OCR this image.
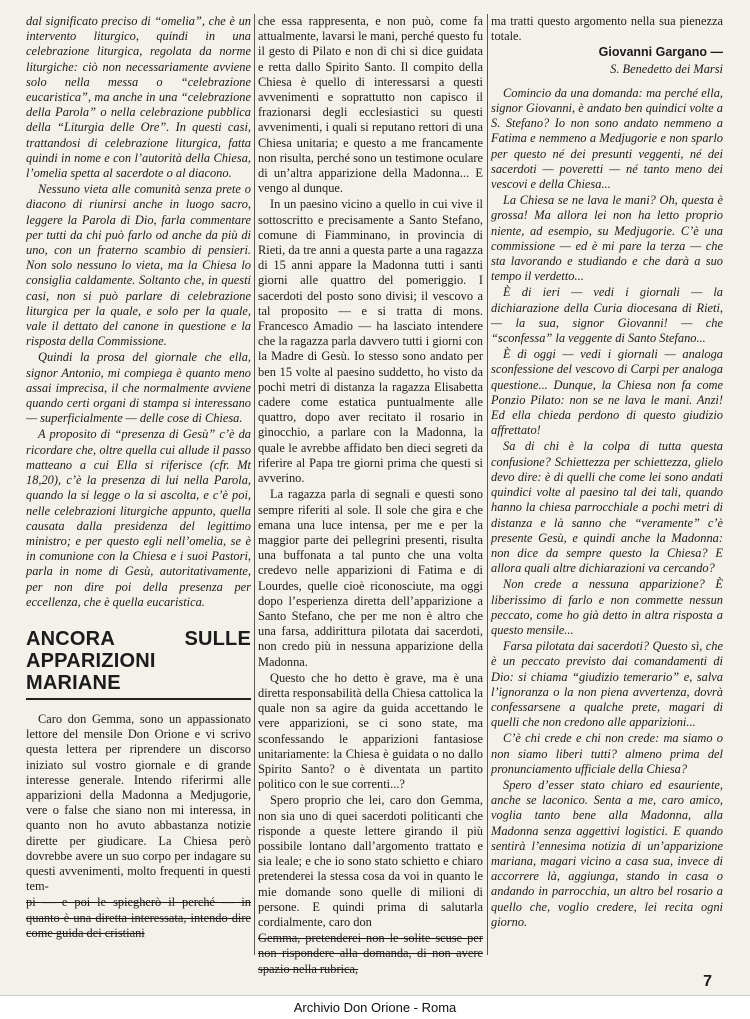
dal significato preciso di “omelia”, che è un intervento liturgico, quindi in una celebrazione liturgica, regolata da norme liturgiche: ciò non necessariamente avviene solo nella messa o “celebrazione eucaristica”, ma anche in una “celebrazione della Parola” o nella celebrazione pubblica della “Liturgia delle Ore”. In questi casi, trattandosi di celebrazione liturgica, fatta quindi in nome e con l’autorità della Chiesa, l’omelia spetta al sacerdote o al diacono.

Nessuno vieta alle comunità senza prete o diacono di riunirsi anche in luogo sacro, leggere la Parola di Dio, farla commentare per tutti da chi può farlo od anche da più di uno, con un fraterno scambio di pensieri. Non solo nessuno lo vieta, ma la Chiesa lo consiglia caldamente. Soltanto che, in questi casi, non si può parlare di celebrazione liturgica per la quale, e solo per la quale, vale il dettato del canone in questione e la risposta della Commissione.

Quindi la prosa del giornale che ella, signor Antonio, mi compiega è quanto meno assai imprecisa, il che normalmente avviene quando certi organi di stampa si interessano — superficialmente — delle cose di Chiesa.

A proposito di “presenza di Gesù” c’è da ricordare che, oltre quella cui allude il passo matteano a cui Ella si riferisce (cfr. Mt 18,20), c’è la presenza di lui nella Parola, quando la si legge o la si ascolta, e c’è poi, nelle celebrazioni liturgiche appunto, quella causata dalla presidenza del legittimo ministro; e per questo egli nell’omelia, se è in comunione con la Chiesa e i suoi Pastori, parla in nome di Gesù, autoritativamente, per non dire poi della presenza per eccellenza, che è quella eucaristica.

ANCORA SULLE APPARIZIONI MARIANE

Caro don Gemma, sono un appassionato lettore del mensile Don Orione e vi scrivo questa lettera per riprendere un discorso iniziato sul vostro giornale e di grande interesse generale. Intendo riferirmi alle apparizioni della Madonna a Medjugorie, vere o false che siano non mi interessa, in quanto non ho avuto abbastanza notizie dirette per giudicare. La Chiesa però dovrebbe avere un suo corpo per indagare su questi avvenimenti, molto frequenti in questi tem-

pi — e poi le spiegherò il perché — in quanto è una diretta interessata, intendo dire come guida dei cristiani

che essa rappresenta, e non può, come fa attualmente, lavarsi le mani, perché questo fu il gesto di Pilato e non di chi si dice guidata e retta dallo Spirito Santo. Il compito della Chiesa è quello di interessarsi a questi avvenimenti e soprattutto non capisco il frazionarsi degli ecclesiastici su questi avvenimenti, i quali si reputano rettori di una Chiesa unitaria; e questo a me francamente non risulta, perché sono un testimone oculare di un’altra apparizione della Madonna... E vengo al dunque.

In un paesino vicino a quello in cui vive il sottoscritto e precisamente a Santo Stefano, comune di Fiamminano, in provincia di Rieti, da tre anni a questa parte a una ragazza di 15 anni appare la Madonna tutti i santi giorni alle quattro del pomeriggio. I sacerdoti del posto sono divisi; il vescovo a tal proposito — e si tratta di mons. Francesco Amadio — ha lasciato intendere che la ragazza parla davvero tutti i giorni con la Madre di Gesù. Io stesso sono andato per ben 15 volte al paesino suddetto, ho visto da pochi metri di distanza la ragazza Elisabetta cadere come estatica puntualmente alle quattro, dopo aver recitato il rosario in ginocchio, a parlare con la Madonna, la quale le avrebbe affidato ben dieci segreti da riferire al Papa tre giorni prima che questi si avverino.

La ragazza parla di segnali e questi sono sempre riferiti al sole. Il sole che gira e che emana una luce intensa, per me e per la maggior parte dei pellegrini presenti, risulta una buffonata a tal punto che una volta credevo nelle apparizioni di Fatima e di Lourdes, quelle cioè riconosciute, ma oggi dopo l’esperienza diretta dell’apparizione a Santo Stefano, che per me non è altro che una farsa, addirittura pilotata dai sacerdoti, non credo più in nessuna apparizione della Madonna.

Questo che ho detto è grave, ma è una diretta responsabilità della Chiesa cattolica la quale non sa agire da guida accettando le vere apparizioni, se ci sono state, ma sconfessando le apparizioni fantasiose unitariamente: la Chiesa è guidata o no dallo Spirito Santo? o è diventata un partito politico con le sue correnti...?

Spero proprio che lei, caro don Gemma, non sia uno di quei sacerdoti politicanti che risponde a queste lettere girando il più possibile lontano dall’argomento trattato e sia leale; e che io sono stato schietto e chiaro pretenderei la stessa cosa da voi in quanto le mie domande sono quelle di milioni di persone. E quindi prima di salutarla cordialmente, caro don

Gemma, pretenderei non le solite scuse per non rispondere alla domanda, di non avere spazio nella rubrica,

ma tratti questo argomento nella sua pienezza totale.

Giovanni Gargano —

S. Benedetto dei Marsi

Comincio da una domanda: ma perché ella, signor Giovanni, è andato ben quindici volte a S. Stefano? Io non sono andato nemmeno a Fatima e nemmeno a Medjugorie e non sparlo per questo né dei presunti veggenti, né dei sacerdoti — poveretti — né tanto meno dei vescovi e della Chiesa...

La Chiesa se ne lava le mani? Oh, questa è grossa! Ma allora lei non ha letto proprio niente, ad esempio, su Medjugorie. C’è una commissione — ed è mi pare la terza — che sta lavorando e studiando e che darà a suo tempo il verdetto...

È di ieri — vedi i giornali — la dichiarazione della Curia diocesana di Rieti, — la sua, signor Giovanni! — che “sconfessa” la veggente di Santo Stefano...

È di oggi — vedi i giornali — analoga sconfessione del vescovo di Carpi per analoga questione... Dunque, la Chiesa non fa come Ponzio Pilato: non se ne lava le mani. Anzi! Ed ella chieda perdono di questo giudizio affrettato!

Sa di chi è la colpa di tutta questa confusione? Schiettezza per schiettezza, glielo devo dire: è di quelli che come lei sono andati quindici volte al paesino tal dei tali, quando hanno la chiesa parrocchiale a pochi metri di distanza e là sanno che “veramente” c’è presente Gesù, e quindi anche la Madonna: non dice da sempre questo la Chiesa? E allora quali altre dichiarazioni va cercando?

Non crede a nessuna apparizione? È liberissimo di farlo e non commette nessun peccato, come ho già detto in altra risposta a questo mensile...

Farsa pilotata dai sacerdoti? Questo sì, che è un peccato previsto dai comandamenti di Dio: si chiama “giudizio temerario” e, salva l’ignoranza o la non piena avvertenza, dovrà confessarsene a qualche prete, magari di quelli che non credono alle apparizioni...

C’è chi crede e chi non crede: ma siamo o non siamo liberi tutti? almeno prima del pronunciamento ufficiale della Chiesa?

Spero d’esser stato chiaro ed esauriente, anche se laconico. Senta a me, caro amico, voglia tanto bene alla Madonna, alla Madonna senza aggettivi logistici. E quando sentirà l’ennesima notizia di un’apparizione mariana, magari vicino a casa sua, invece di accorrere là, aggiunga, stando in casa o andando in parrocchia, un altro bel rosario a quello che, voglio credere, lei recita ogni giorno.

7
Archivio Don Orione - Roma
